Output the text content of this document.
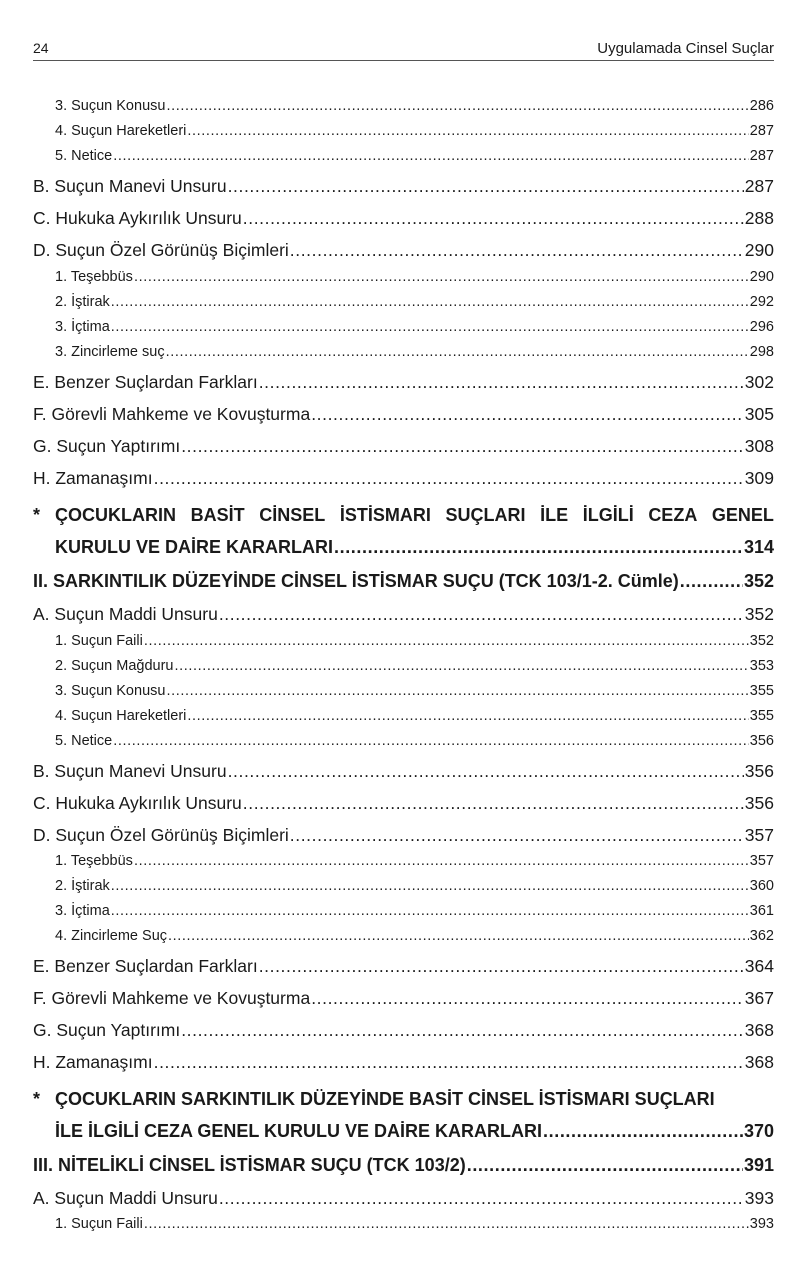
24	Uygulamada Cinsel Suçlar
3. Suçun Konusu .....	286
4. Suçun Hareketleri .....	287
5. Netice .....	287
B. Suçun Manevi Unsuru .....	287
C. Hukuka Aykırılık Unsuru .....	288
D. Suçun Özel Görünüş Biçimleri .....	290
1. Teşebbüs .....	290
2. İştirak .....	292
3. İçtima .....	296
3. Zincirleme suç .....	298
E. Benzer Suçlardan Farkları .....	302
F. Görevli Mahkeme ve Kovuşturma .....	305
G. Suçun Yaptırımı .....	308
H. Zamanaşımı .....	309
* ÇOCUKLARIN BASİT CİNSEL İSTİSMARI SUÇLARI İLE İLGİLİ CEZA GENEL
KURULU VE DAİRE KARARLARI .....	314
II. SARKINTILIK DÜZEYİNDE CİNSEL İSTİSMAR SUÇU (TCK 103/1-2. Cümle) .....	352
A. Suçun Maddi Unsuru .....	352
1. Suçun Faili .....	352
2. Suçun Mağduru .....	353
3. Suçun Konusu .....	355
4. Suçun Hareketleri .....	355
5. Netice .....	356
B. Suçun Manevi Unsuru .....	356
C. Hukuka Aykırılık Unsuru .....	356
D. Suçun Özel Görünüş Biçimleri .....	357
1. Teşebbüs .....	357
2. İştirak .....	360
3. İçtima .....	361
4. Zincirleme Suç .....	362
E. Benzer Suçlardan Farkları .....	364
F. Görevli Mahkeme ve Kovuşturma .....	367
G. Suçun Yaptırımı .....	368
H. Zamanaşımı .....	368
* ÇOCUKLARIN SARKINTILIK DÜZEYİNDE BASİT CİNSEL İSTİSMARI SUÇLARI
İLE İLGİLİ CEZA GENEL KURULU VE DAİRE KARARLARI .....	370
III. NİTELİKLİ CİNSEL İSTİSMAR SUÇU (TCK 103/2) .....	391
A. Suçun Maddi Unsuru .....	393
1. Suçun Faili .....	393
